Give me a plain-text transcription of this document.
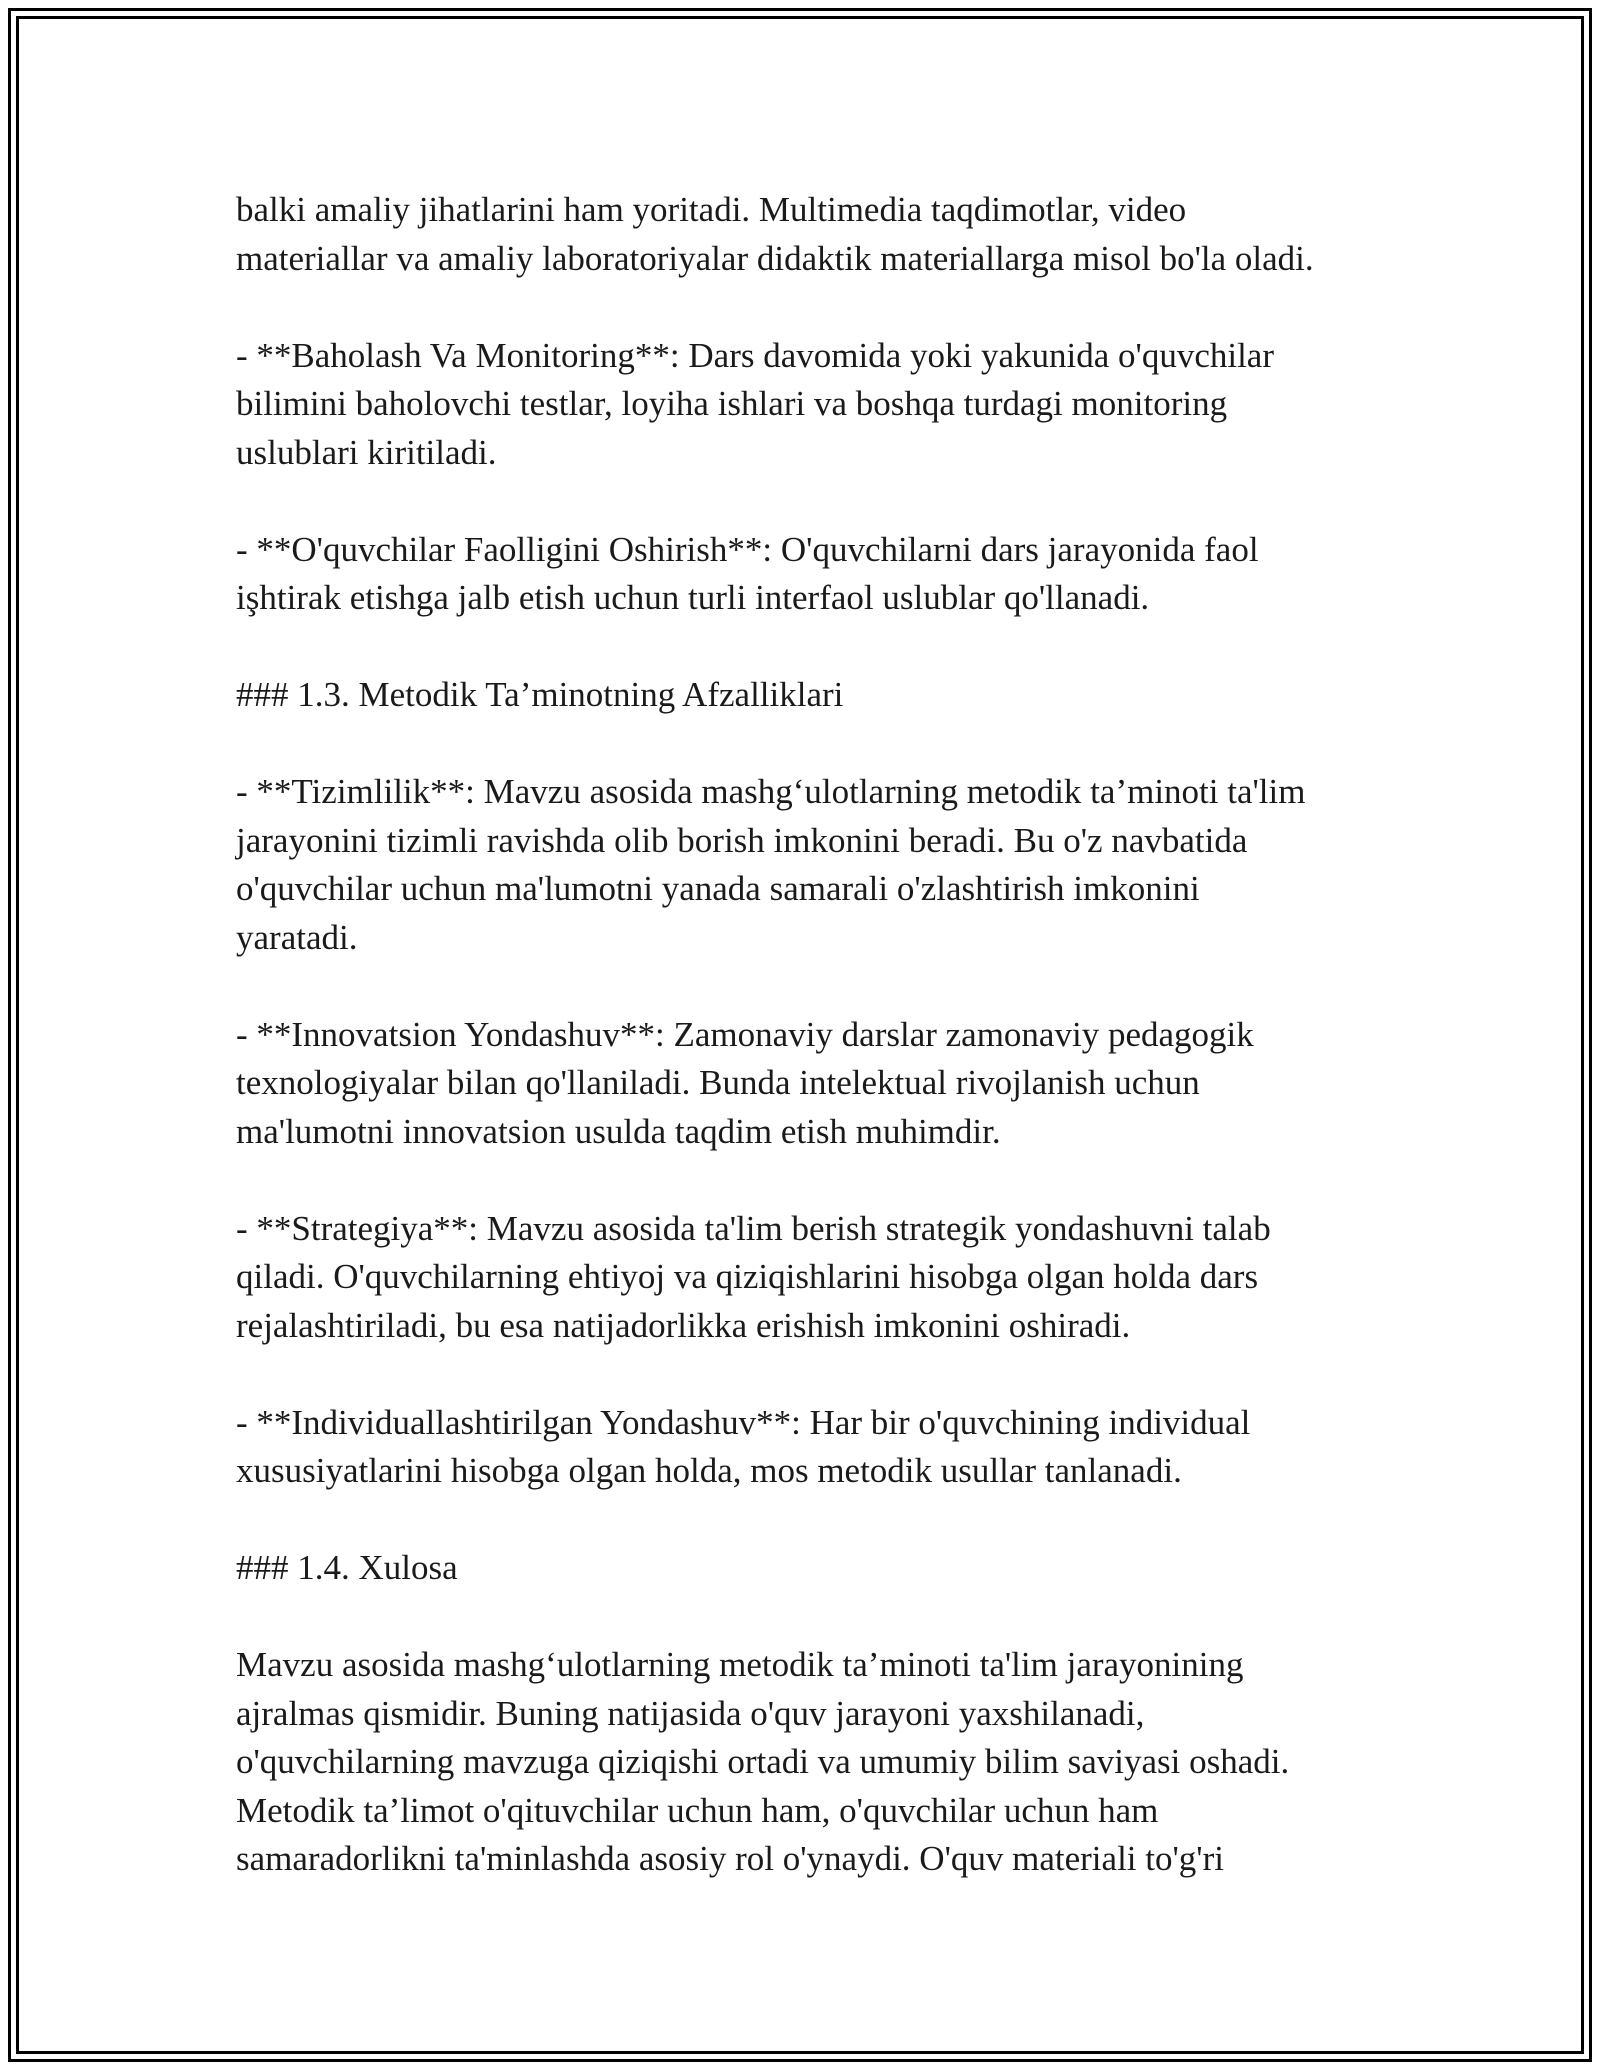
balki amaliy jihatlarini ham yoritadi. Multimedia taqdimotlar, video
materiallar va amaliy laboratoriyalar didaktik materiallarga misol bo'la oladi.

- **Baholash Va Monitoring**: Dars davomida yoki yakunida o'quvchilar
bilimini baholovchi testlar, loyiha ishlari va boshqa turdagi monitoring
uslublari kiritiladi.

- **O'quvchilar Faolligini Oshirish**: O'quvchilarni dars jarayonida faol
işhtirak etishga jalb etish uchun turli interfaol uslublar qo'llanadi.

### 1.3. Metodik Ta’minotning Afzalliklari

- **Tizimlilik**: Mavzu asosida mashg‘ulotlarning metodik ta’minoti ta'lim
jarayonini tizimli ravishda olib borish imkonini beradi. Bu o'z navbatida
o'quvchilar uchun ma'lumotni yanada samarali o'zlashtirish imkonini
yaratadi.

- **Innovatsion Yondashuv**: Zamonaviy darslar zamonaviy pedagogik
texnologiyalar bilan qo'llaniladi. Bunda intelektual rivojlanish uchun
ma'lumotni innovatsion usulda taqdim etish muhimdir.

- **Strategiya**: Mavzu asosida ta'lim berish strategik yondashuvni talab
qiladi. O'quvchilarning ehtiyoj va qiziqishlarini hisobga olgan holda dars
rejalashtiriladi, bu esa natijadorlikka erishish imkonini oshiradi.

- **Individuallashtirilgan Yondashuv**: Har bir o'quvchining individual
xususiyatlarini hisobga olgan holda, mos metodik usullar tanlanadi.

### 1.4. Xulosa

Mavzu asosida mashg‘ulotlarning metodik ta’minoti ta'lim jarayonining
ajralmas qismidir. Buning natijasida o'quv jarayoni yaxshilanadi,
o'quvchilarning mavzuga qiziqishi ortadi va umumiy bilim saviyasi oshadi.
Metodik ta’limot o'qituvchilar uchun ham, o'quvchilar uchun ham
samaradorlikni ta'minlashda asosiy rol o'ynaydi. O'quv materiali to'g'ri
